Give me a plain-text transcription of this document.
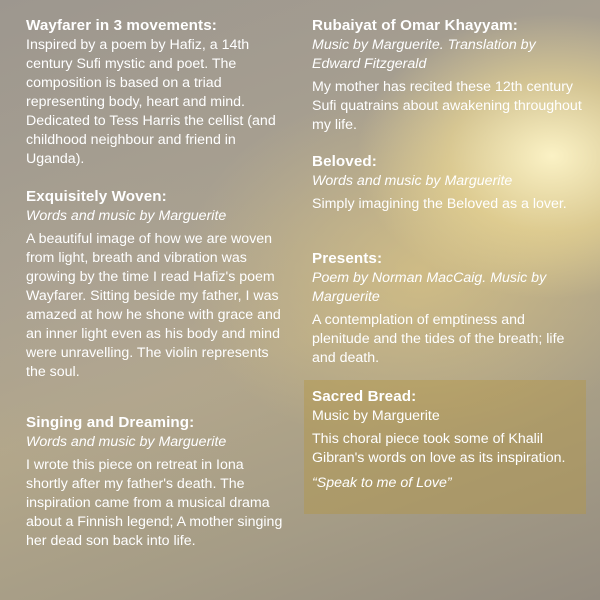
Wayfarer in 3 movements:

Inspired by a poem by Hafiz, a 14th century Sufi mystic and poet. The composition is based on a triad representing body, heart and mind. Dedicated to Tess Harris the cellist (and childhood neighbour and friend in Uganda).

Exquisitely Woven:

Words and music by Marguerite

A beautiful image of how we are woven from light, breath and vibration was growing by the time I read Hafiz's poem Wayfarer. Sitting beside my father, I was amazed at how he shone with grace and an inner light even as his body and mind were unravelling. The violin represents the soul.

Singing and Dreaming:

Words and music by Marguerite

I wrote this piece on retreat in Iona shortly after my father's death. The inspiration came from a musical drama about a Finnish legend; A mother singing her dead son back into life.

Rubaiyat of Omar Khayyam:

Music by Marguerite. Translation by Edward Fitzgerald

My mother has recited these 12th century Sufi quatrains about awakening throughout my life.

Beloved:

Words and music by Marguerite

Simply imagining the Beloved as a lover.

Presents:

Poem by Norman MacCaig. Music by Marguerite

A contemplation of emptiness and plenitude and the tides of the breath; life and death.

Sacred Bread:

Music by Marguerite

This choral piece took some of Khalil Gibran's words on love as its inspiration.

“Speak to me of Love”
